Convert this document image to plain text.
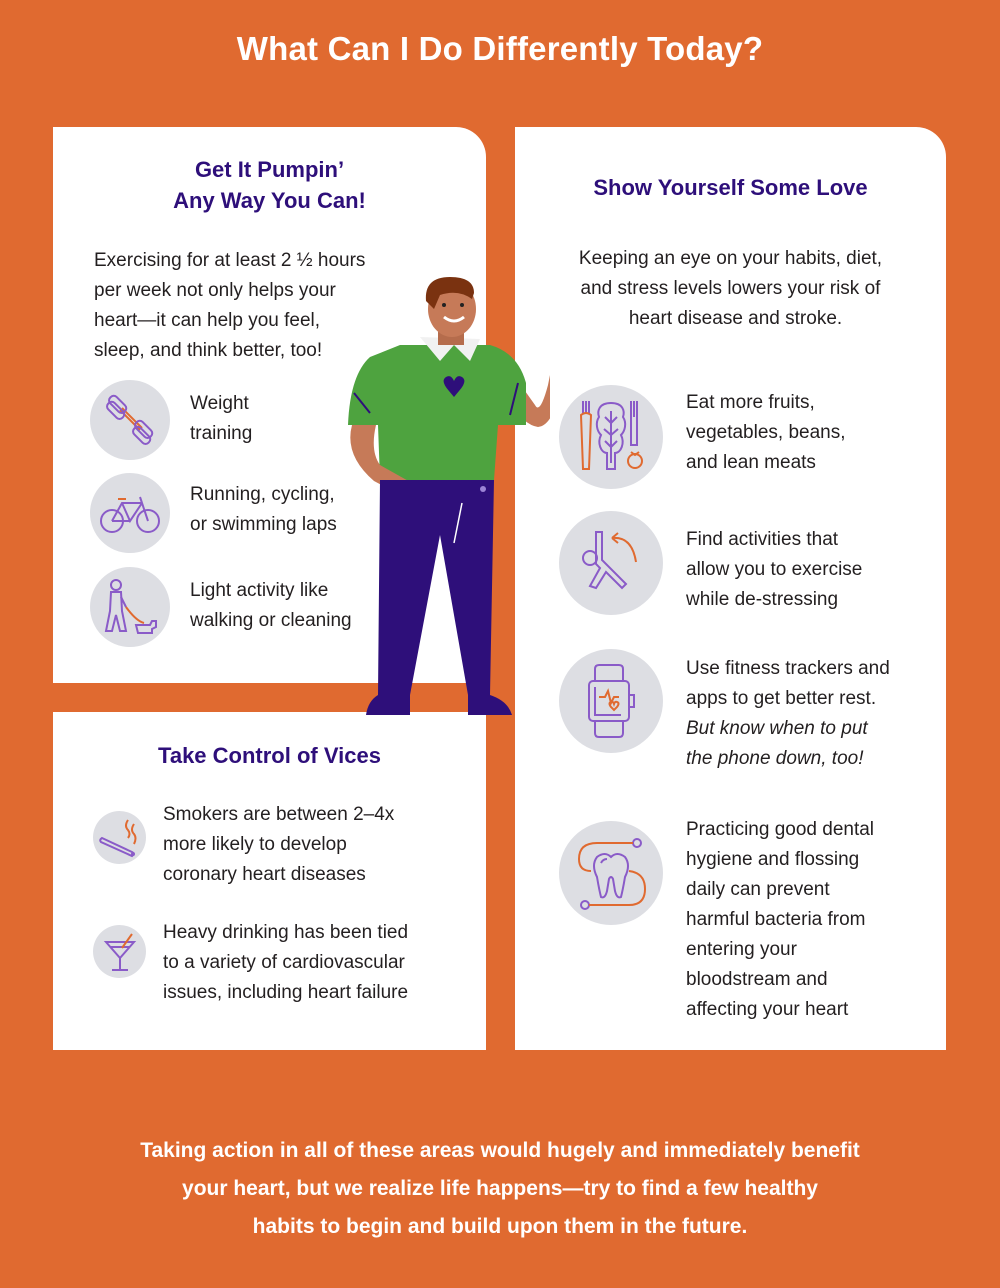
What Can I Do Differently Today?
Get It Pumpin’
Any Way You Can!
Exercising for at least 2 ½ hours
per week not only helps your
heart—it can help you feel,
sleep, and think better, too!
Weight
training
Running, cycling,
or swimming laps
Light activity like
walking or cleaning
Show Yourself Some Love
Keeping an eye on your habits, diet,
and stress levels lowers your risk of
heart disease and stroke.
Eat more fruits,
vegetables, beans,
and lean meats
Find activities that
allow you to exercise
while de-stressing
Use fitness trackers and
apps to get better rest.
But know when to put
the phone down, too!
Practicing good dental
hygiene and flossing
daily can prevent
harmful bacteria from
entering your
bloodstream and
affecting your heart
Take Control of Vices
Smokers are between 2–4x
more likely to develop
coronary heart diseases
Heavy drinking has been tied
to a variety of cardiovascular
issues, including heart failure
Taking action in all of these areas would hugely and immediately benefit
your heart, but we realize life happens—try to find a few healthy
habits to begin and build upon them in the future.
